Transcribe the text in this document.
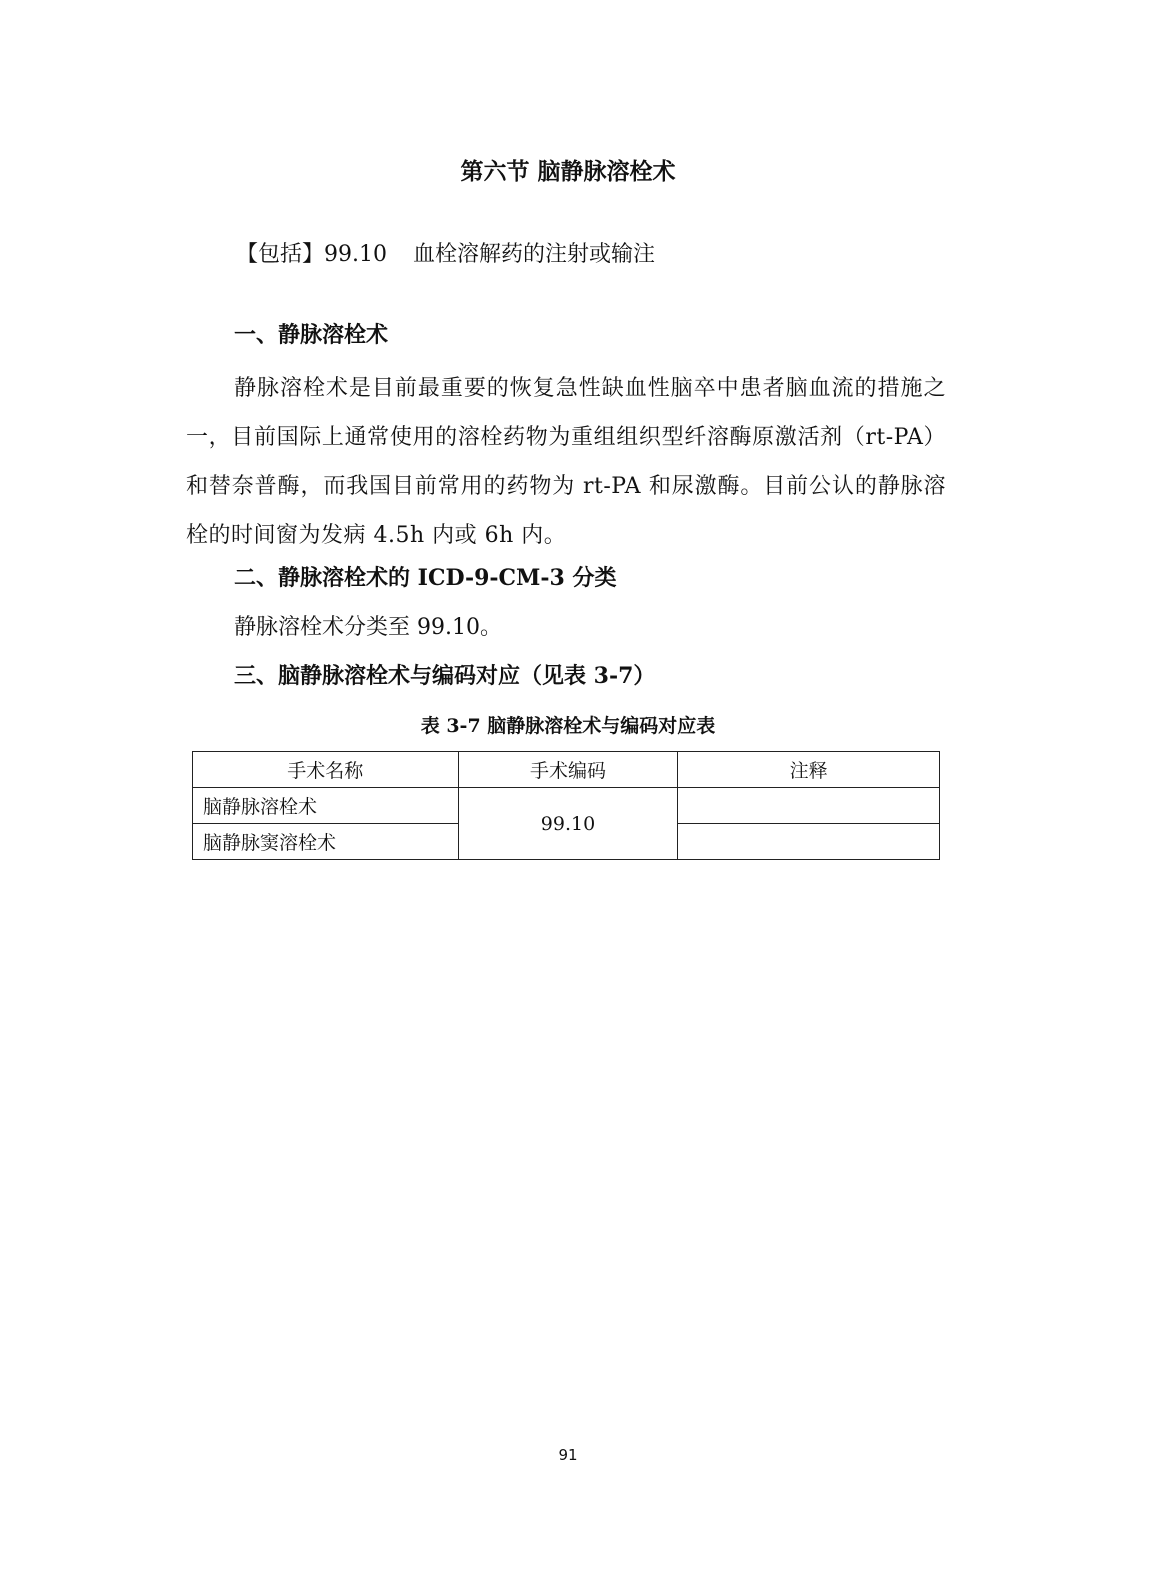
第六节 脑静脉溶栓术
【包括】99.10 血栓溶解药的注射或输注
一、静脉溶栓术
静脉溶栓术是目前最重要的恢复急性缺血性脑卒中患者脑血流的措施之一，目前国际上通常使用的溶栓药物为重组组织型纤溶酶原激活剂（rt-PA）和替奈普酶，而我国目前常用的药物为 rt-PA 和尿激酶。目前公认的静脉溶栓的时间窗为发病 4.5h 内或 6h 内。
二、静脉溶栓术的 ICD-9-CM-3 分类
静脉溶栓术分类至 99.10。
三、脑静脉溶栓术与编码对应（见表 3-7）
表 3-7 脑静脉溶栓术与编码对应表
手术名称	手术编码	注释
脑静脉溶栓术	99.10	
脑静脉窦溶栓术		
91
